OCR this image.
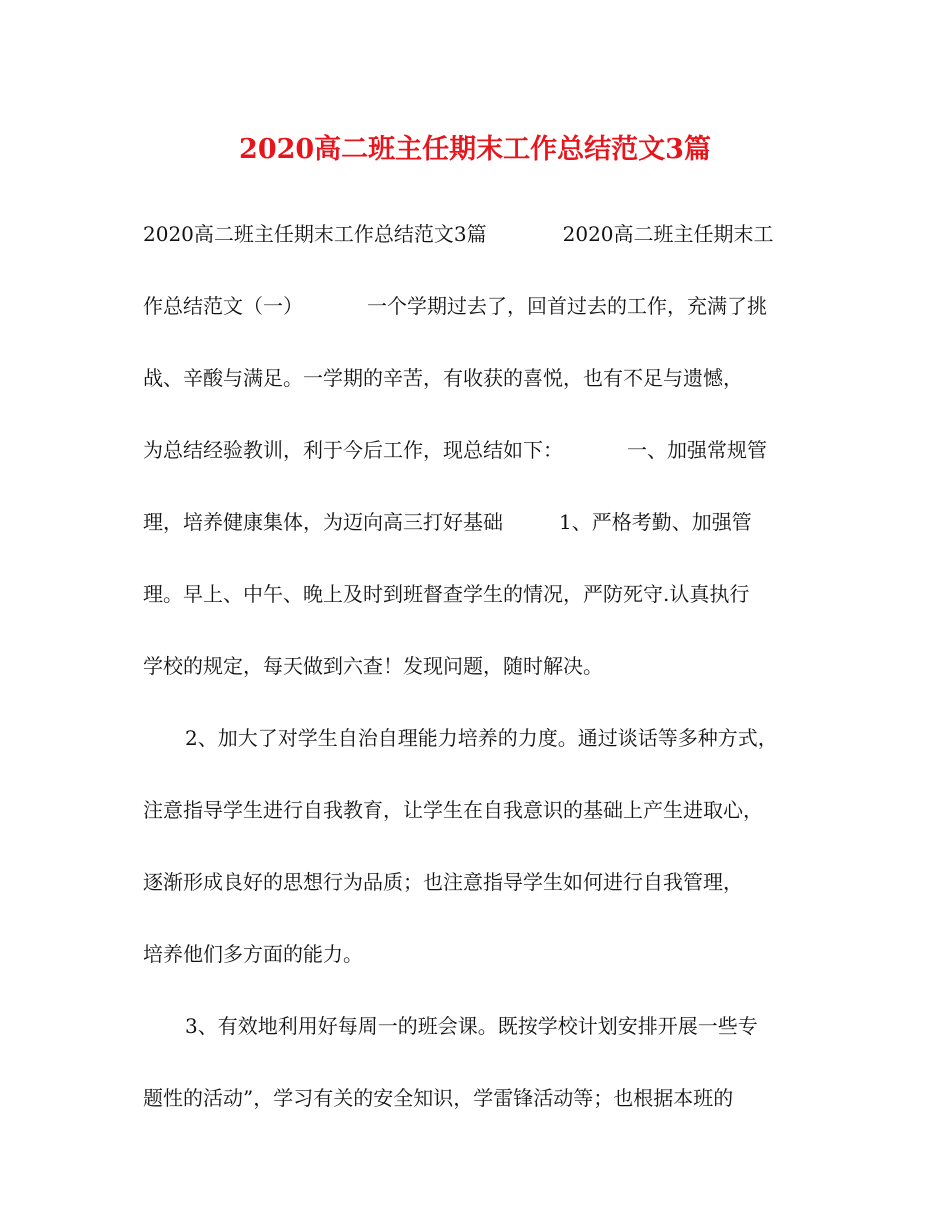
2020高二班主任期末工作总结范文3篇
2020高二班主任期末工作总结范文3篇	2020高二班主任期末工
作总结范文（一）	一个学期过去了，回首过去的工作，充满了挑
战、辛酸与满足。一学期的辛苦，有收获的喜悦，也有不足与遗憾，
为总结经验教训，利于今后工作，现总结如下：	一、加强常规管
理，培养健康集体，为迈向高三打好基础	1、严格考勤、加强管
理。早上、中午、晚上及时到班督查学生的情况，严防死守.认真执行
学校的规定，每天做到六查！发现问题，随时解决。
2、加大了对学生自治自理能力培养的力度。通过谈话等多种方式，
注意指导学生进行自我教育，让学生在自我意识的基础上产生进取心，
逐渐形成良好的思想行为品质；也注意指导学生如何进行自我管理，
培养他们多方面的能力。
3、有效地利用好每周一的班会课。既按学校计划安排开展一些专
题性的活动”，学习有关的安全知识，学雷锋活动等；也根据本班的
